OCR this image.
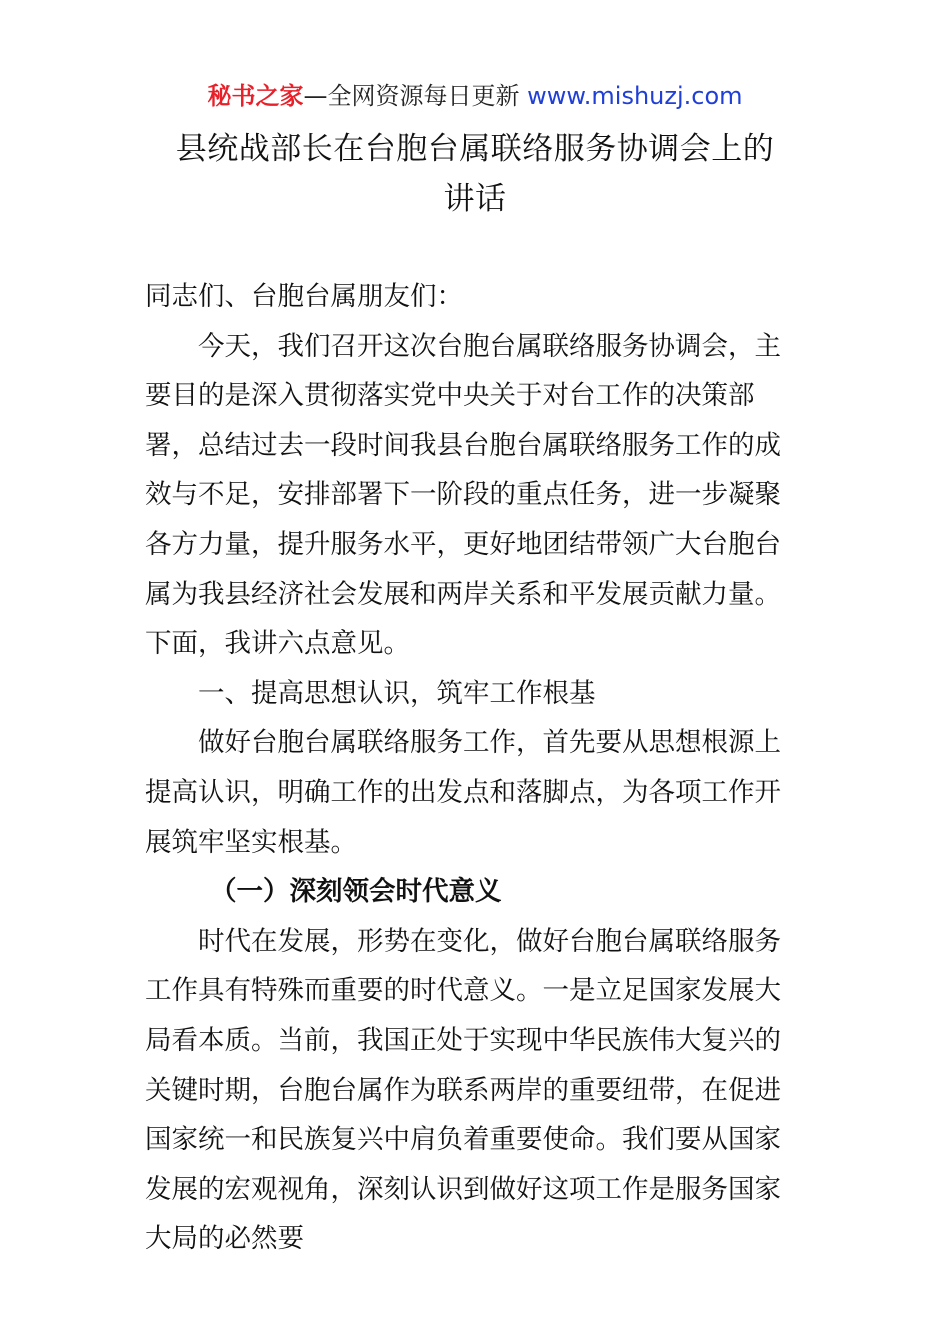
秘书之家—全网资源每日更新 www.mishuzj.com
县统战部长在台胞台属联络服务协调会上的
讲话

同志们、台胞台属朋友们：

今天，我们召开这次台胞台属联络服务协调会，主要目的是深入贯彻落实党中央关于对台工作的决策部署，总结过去一段时间我县台胞台属联络服务工作的成效与不足，安排部署下一阶段的重点任务，进一步凝聚各方力量，提升服务水平，更好地团结带领广大台胞台属为我县经济社会发展和两岸关系和平发展贡献力量。下面，我讲六点意见。

一、提高思想认识，筑牢工作根基

做好台胞台属联络服务工作，首先要从思想根源上提高认识，明确工作的出发点和落脚点，为各项工作开展筑牢坚实根基。

（一）深刻领会时代意义

时代在发展，形势在变化，做好台胞台属联络服务工作具有特殊而重要的时代意义。一是立足国家发展大局看本质。当前，我国正处于实现中华民族伟大复兴的关键时期，台胞台属作为联系两岸的重要纽带，在促进国家统一和民族复兴中肩负着重要使命。我们要从国家发展的宏观视角，深刻认识到做好这项工作是服务国家大局的必然要
